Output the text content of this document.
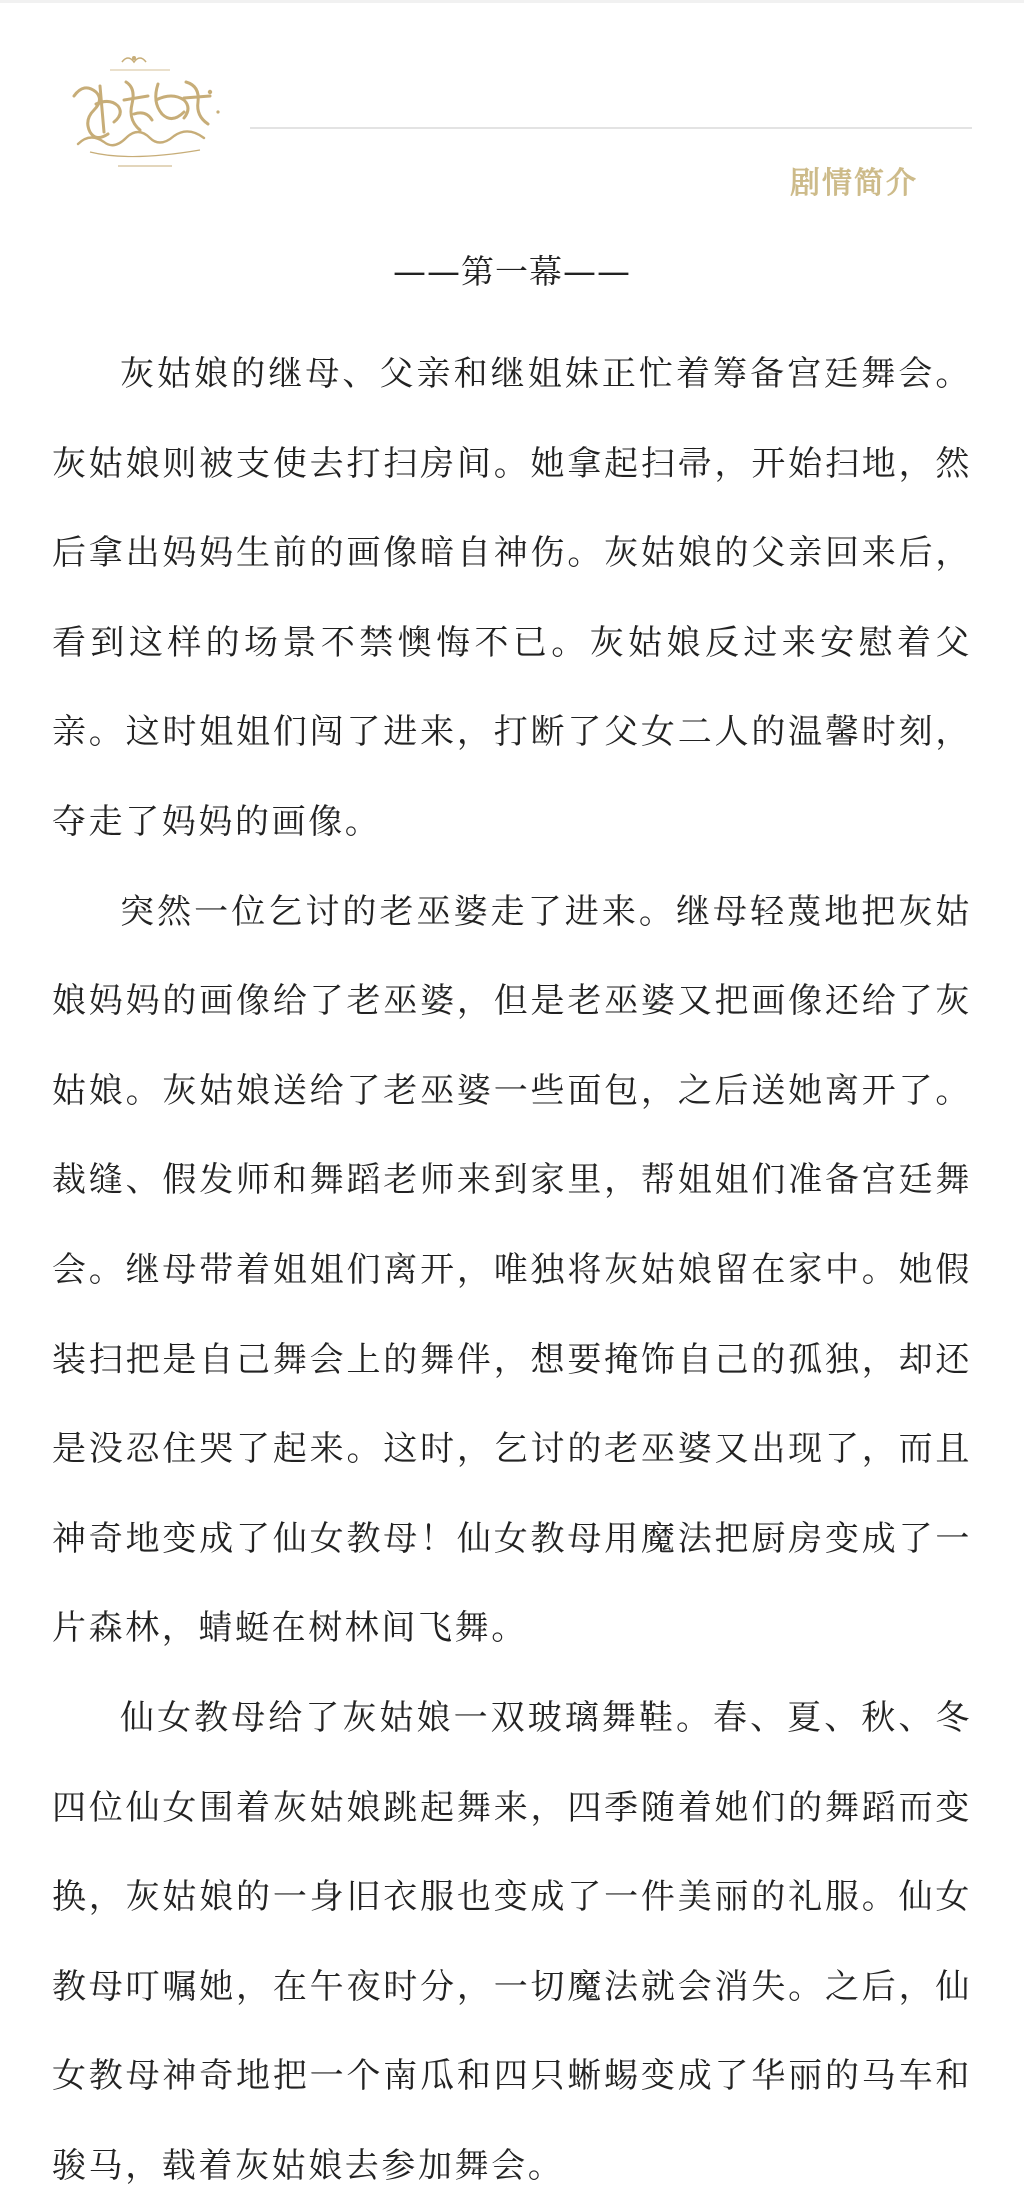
剧情简介
——第一幕——

灰姑娘的继母、父亲和继姐妹正忙着筹备宫廷舞会。灰姑娘则被支使去打扫房间。她拿起扫帚，开始扫地，然后拿出妈妈生前的画像暗自神伤。灰姑娘的父亲回来后，看到这样的场景不禁懊悔不已。灰姑娘反过来安慰着父亲。这时姐姐们闯了进来，打断了父女二人的温馨时刻，夺走了妈妈的画像。

突然一位乞讨的老巫婆走了进来。继母轻蔑地把灰姑娘妈妈的画像给了老巫婆，但是老巫婆又把画像还给了灰姑娘。灰姑娘送给了老巫婆一些面包，之后送她离开了。裁缝、假发师和舞蹈老师来到家里，帮姐姐们准备宫廷舞会。继母带着姐姐们离开，唯独将灰姑娘留在家中。她假装扫把是自己舞会上的舞伴，想要掩饰自己的孤独，却还是没忍住哭了起来。这时，乞讨的老巫婆又出现了，而且神奇地变成了仙女教母！仙女教母用魔法把厨房变成了一片森林，蜻蜓在树林间飞舞。

仙女教母给了灰姑娘一双玻璃舞鞋。春、夏、秋、冬四位仙女围着灰姑娘跳起舞来，四季随着她们的舞蹈而变换，灰姑娘的一身旧衣服也变成了一件美丽的礼服。仙女教母叮嘱她，在午夜时分，一切魔法就会消失。之后，仙女教母神奇地把一个南瓜和四只蜥蜴变成了华丽的马车和骏马，载着灰姑娘去参加舞会。
